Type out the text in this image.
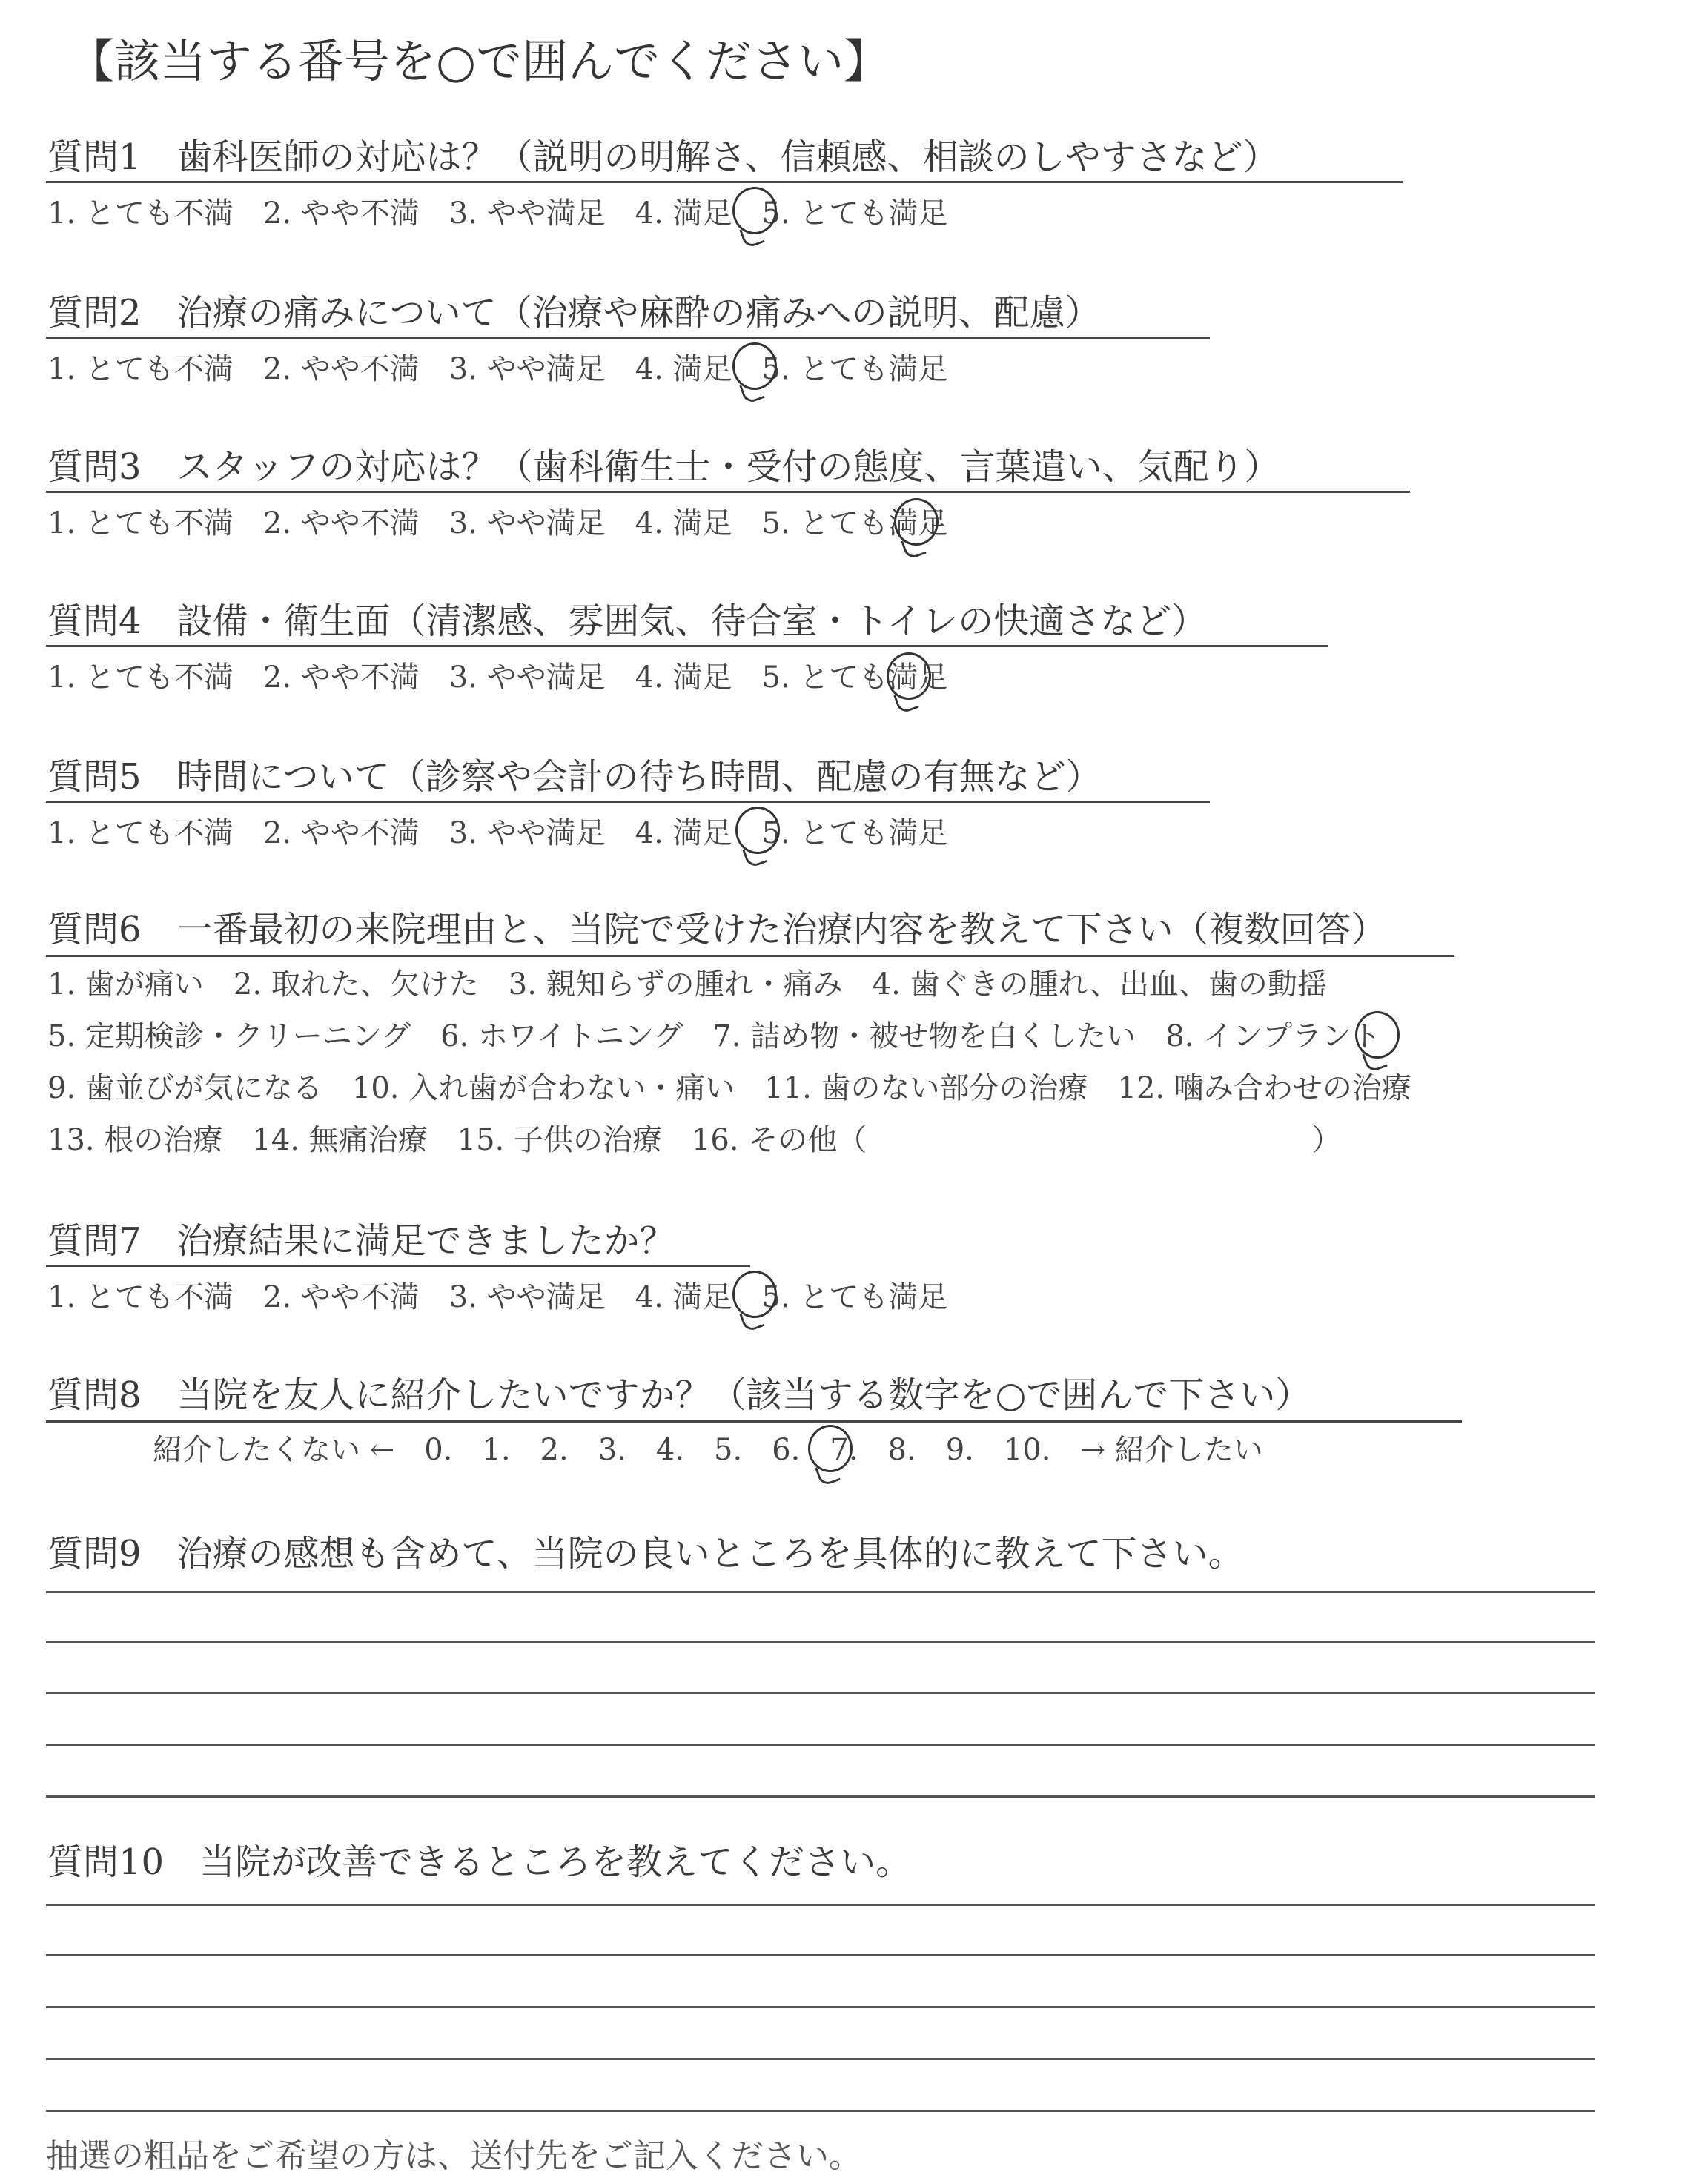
【該当する番号を○で囲んでください】
質問1　歯科医師の対応は？（説明の明解さ、信頼感、相談のしやすさなど）
1. とても不満　2. やや不満　3. やや満足　4. 満足　5. とても満足
質問2　治療の痛みについて（治療や麻酔の痛みへの説明、配慮）
1. とても不満　2. やや不満　3. やや満足　4. 満足　5. とても満足
質問3　スタッフの対応は？（歯科衛生士・受付の態度、言葉遣い、気配り）
1. とても不満　2. やや不満　3. やや満足　4. 満足　5. とても満足
質問4　設備・衛生面（清潔感、雰囲気、待合室・トイレの快適さなど）
1. とても不満　2. やや不満　3. やや満足　4. 満足　5. とても満足
質問5　時間について（診察や会計の待ち時間、配慮の有無など）
1. とても不満　2. やや不満　3. やや満足　4. 満足　5. とても満足
質問6　一番最初の来院理由と、当院で受けた治療内容を教えて下さい（複数回答）
1. 歯が痛い　2. 取れた、欠けた　3. 親知らずの腫れ・痛み　4. 歯ぐきの腫れ、出血、歯の動揺
5. 定期検診・クリーニング　6. ホワイトニング　7. 詰め物・被せ物を白くしたい　8. インプラント
9. 歯並びが気になる　10. 入れ歯が合わない・痛い　11. 歯のない部分の治療　12. 噛み合わせの治療
13. 根の治療　14. 無痛治療　15. 子供の治療　16. その他（　　　　　　　　　　　　　　　）
質問7　治療結果に満足できましたか？
1. とても不満　2. やや不満　3. やや満足　4. 満足　5. とても満足
質問8　当院を友人に紹介したいですか？（該当する数字を○で囲んで下さい）
紹介したくない ←　0.　1.　2.　3.　4.　5.　6.　7.　8.　9.　10.　→ 紹介したい
質問9　治療の感想も含めて、当院の良いところを具体的に教えて下さい。
質問10　当院が改善できるところを教えてください。
抽選の粗品をご希望の方は、送付先をご記入ください。
